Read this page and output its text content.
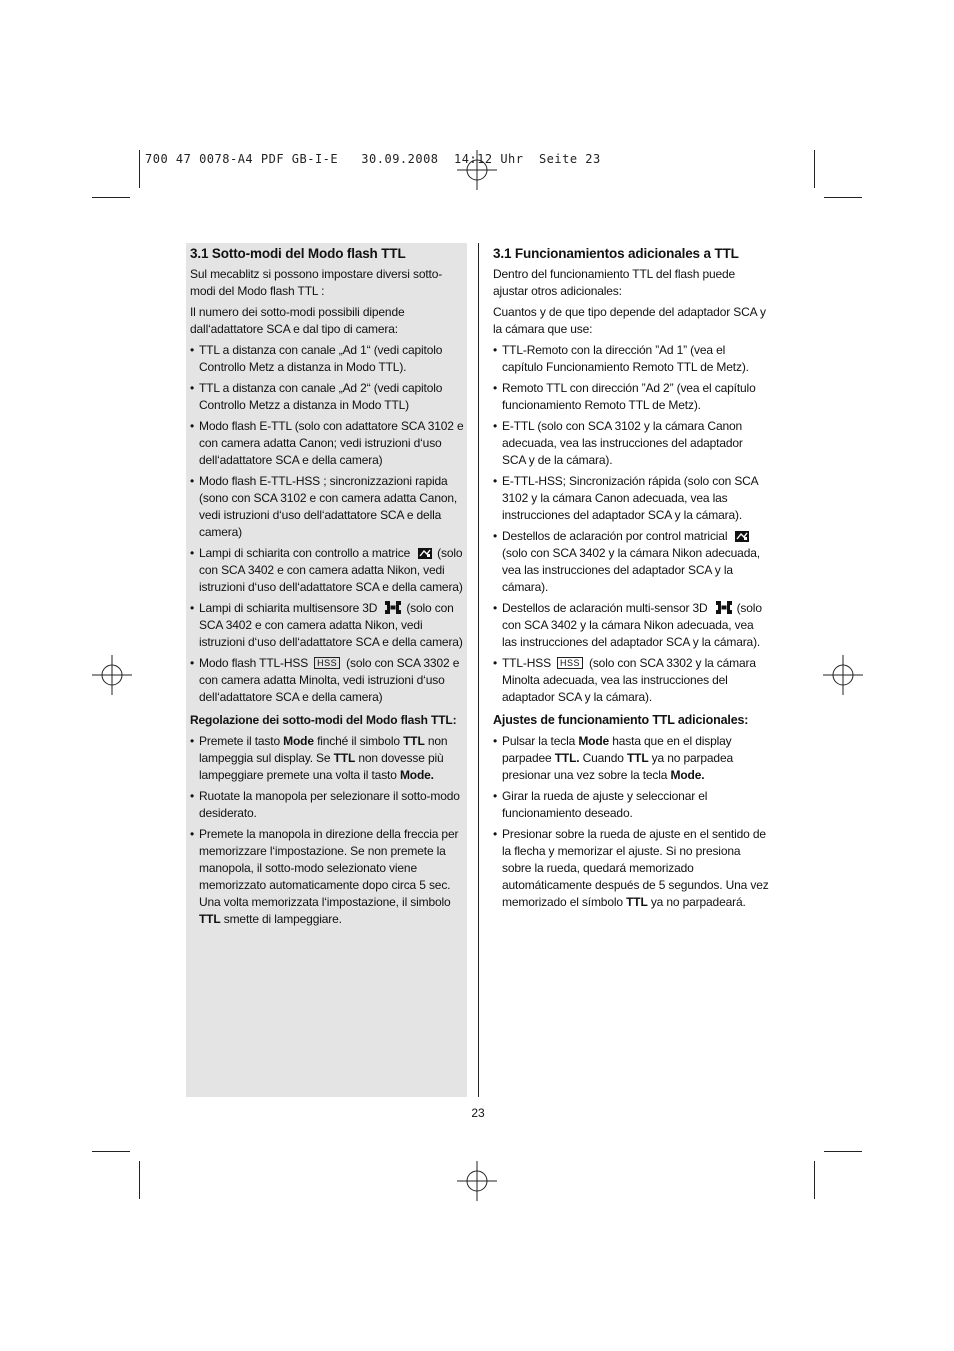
700 47 0078-A4 PDF GB-I-E   30.09.2008  14:12 Uhr  Seite 23
3.1 Sotto-modi del Modo flash TTL

Sul mecablitz si possono impostare diversi sotto-modi del Modo flash TTL :

Il numero dei sotto-modi possibili dipende dall‘adattatore SCA e dal tipo di camera:

• TTL a distanza con canale „Ad 1“ (vedi capitolo Controllo Metz a distanza in Modo TTL).
• TTL a distanza con canale „Ad 2“ (vedi capitolo Controllo Metzz a distanza in Modo TTL)
• Modo flash E-TTL (solo con adattatore SCA 3102 e con camera adatta Canon; vedi istruzioni d‘uso dell‘adattatore SCA e della camera)
• Modo flash E-TTL-HSS ; sincronizzazioni rapida (sono con SCA 3102 e con camera adatta Canon, vedi istruzioni d‘uso dell‘adattatore SCA e della camera)
• Lampi di schiarita con controllo a matrice (solo con SCA 3402 e con camera adatta Nikon, vedi istruzioni d‘uso dell‘adattatore SCA e della camera)
• Lampi di schiarita multisensore 3D (solo con SCA 3402 e con camera adatta Nikon, vedi istruzioni d‘uso dell‘adattatore SCA e della camera)
• Modo flash TTL-HSS HSS (solo con SCA 3302 e con camera adatta Minolta, vedi istruzioni d‘uso dell‘adattatore SCA e della camera)
Regolazione dei sotto-modi del Modo flash TTL:
• Premete il tasto Mode finché il simbolo TTL non lampeggia sul display. Se TTL non dovesse più lampeggiare premete una volta il tasto Mode.
• Ruotate la manopola per selezionare il sotto-modo desiderato.
• Premete la manopola in direzione della freccia per memorizzare l‘impostazione. Se non premete la manopola, il sotto-modo selezionato viene memorizzato automaticamente dopo circa 5 sec. Una volta memorizzata l‘impostazione, il simbolo TTL smette di lampeggiare.
3.1 Funcionamientos adicionales a TTL

Dentro del funcionamiento TTL del flash puede ajustar otros adicionales:

Cuantos y de que tipo depende del adaptador SCA y la cámara que use:

• TTL-Remoto con la dirección ”Ad 1” (vea el capítulo Funcionamiento Remoto TTL de Metz).
• Remoto TTL con dirección ”Ad 2” (vea el capítulo funcionamiento Remoto TTL de Metz).
• E-TTL (solo con SCA 3102 y la cámara Canon adecuada, vea las instrucciones del adaptador SCA y de la cámara).
• E-TTL-HSS; Sincronización rápida (solo con SCA 3102 y la cámara Canon adecuada, vea las instrucciones del adaptador SCA y la cámara).
• Destellos de aclaración por control matricial(solo con SCA 3402 y la cámara Nikon adecuada, vea las instrucciones del adaptador SCA y la cámara).
• Destellos de aclaración multi-sensor 3D (solo con SCA 3402 y la cámara Nikon adecuada, vea las instrucciones del adaptador SCA y la cámara).
• TTL-HSS HSS (solo con SCA 3302 y la cámara Minolta adecuada, vea las instrucciones del adaptador SCA y la cámara).
Ajustes de funcionamiento TTL adicionales:
• Pulsar la tecla Mode hasta que en el display parpadee TTL. Cuando TTL ya no parpadea presionar una vez sobre la tecla Mode.
• Girar la rueda de ajuste y seleccionar el funcionamiento deseado.
• Presionar sobre la rueda de ajuste en el sentido de la flecha y memorizar el ajuste. Si no presiona sobre la rueda, quedará memorizado automáticamente después de 5 segundos. Una vez memorizado el símbolo TTL ya no parpadeará.
23
